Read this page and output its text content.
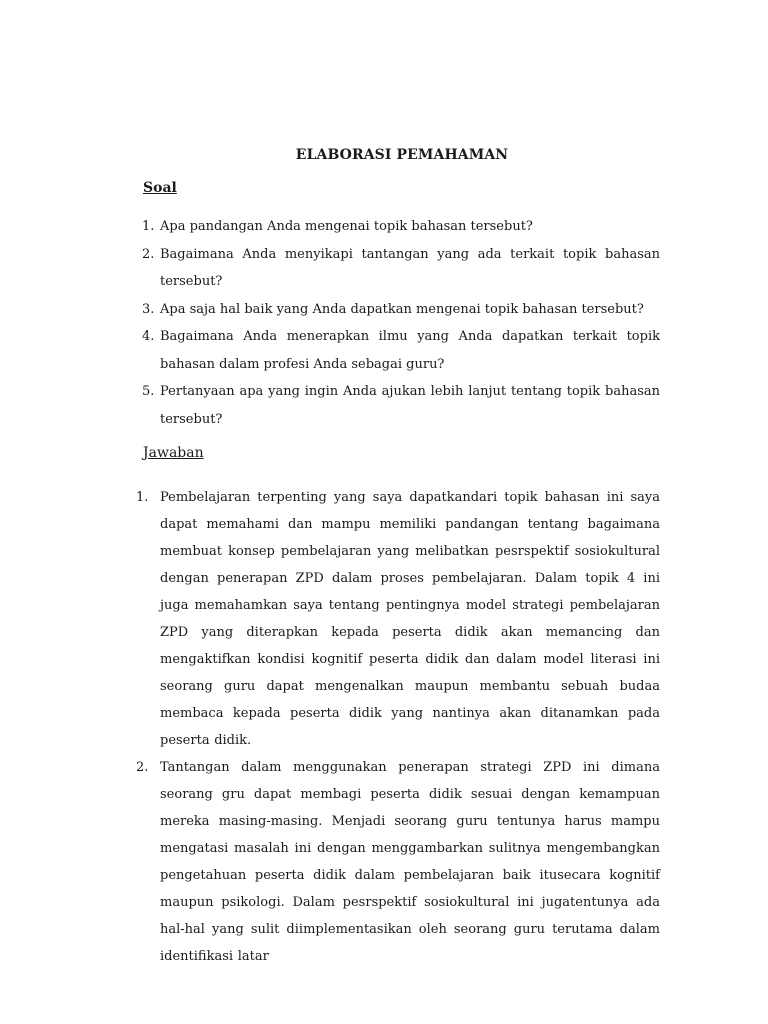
ELABORASI PEMAHAMAN
Soal
1. Apa pandangan Anda mengenai topik bahasan tersebut?
2. Bagaimana Anda menyikapi tantangan yang ada terkait topik bahasan tersebut?
3. Apa saja hal baik yang Anda dapatkan mengenai topik bahasan tersebut?
4. Bagaimana Anda menerapkan ilmu yang Anda dapatkan terkait topik bahasan dalam profesi Anda sebagai guru?
5. Pertanyaan apa yang ingin Anda ajukan lebih lanjut tentang topik bahasan tersebut?
Jawaban
1. Pembelajaran terpenting yang saya dapatkandari topik bahasan ini saya dapat memahami dan mampu memiliki pandangan tentang bagaimana membuat konsep pembelajaran yang melibatkan pesrspektif sosiokultural dengan penerapan ZPD dalam proses pembelajaran. Dalam topik 4 ini juga memahamkan saya tentang pentingnya model strategi pembelajaran ZPD yang diterapkan kepada peserta didik akan memancing dan mengaktifkan kondisi kognitif peserta didik dan dalam model literasi ini seorang guru dapat mengenalkan maupun membantu sebuah budaa membaca kepada peserta didik yang nantinya akan ditanamkan pada peserta didik.
2. Tantangan dalam menggunakan penerapan strategi ZPD ini dimana seorang gru dapat membagi peserta didik sesuai dengan kemampuan mereka masing-masing. Menjadi seorang guru tentunya harus mampu mengatasi masalah ini dengan menggambarkan sulitnya mengembangkan pengetahuan peserta didik dalam pembelajaran baik itusecara kognitif maupun psikologi. Dalam pesrspektif sosiokultural ini jugatentunya ada hal-hal yang sulit diimplementasikan oleh seorang guru terutama dalam identifikasi latar
